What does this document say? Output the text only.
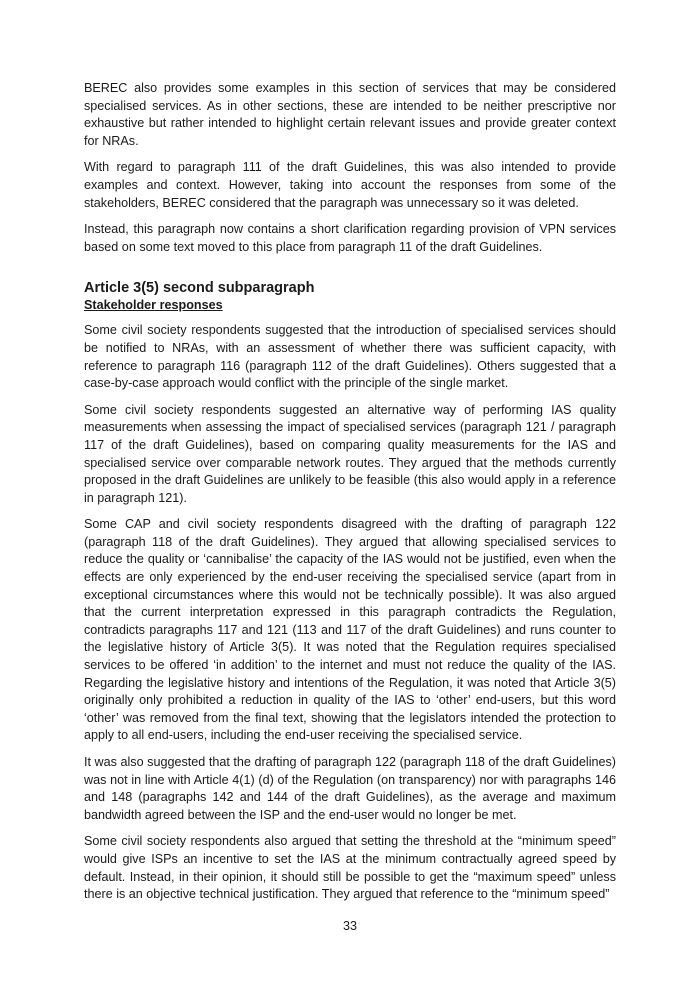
BEREC also provides some examples in this section of services that may be considered specialised services. As in other sections, these are intended to be neither prescriptive nor exhaustive but rather intended to highlight certain relevant issues and provide greater context for NRAs.

With regard to paragraph 111 of the draft Guidelines, this was also intended to provide examples and context. However, taking into account the responses from some of the stakeholders, BEREC considered that the paragraph was unnecessary so it was deleted.

Instead, this paragraph now contains a short clarification regarding provision of VPN services based on some text moved to this place from paragraph 11 of the draft Guidelines.

Article 3(5) second subparagraph
Stakeholder responses

Some civil society respondents suggested that the introduction of specialised services should be notified to NRAs, with an assessment of whether there was sufficient capacity, with reference to paragraph 116 (paragraph 112 of the draft Guidelines). Others suggested that a case-by-case approach would conflict with the principle of the single market.

Some civil society respondents suggested an alternative way of performing IAS quality measurements when assessing the impact of specialised services (paragraph 121 / paragraph 117 of the draft Guidelines), based on comparing quality measurements for the IAS and specialised service over comparable network routes. They argued that the methods currently proposed in the draft Guidelines are unlikely to be feasible (this also would apply in a reference in paragraph 121).

Some CAP and civil society respondents disagreed with the drafting of paragraph 122 (paragraph 118 of the draft Guidelines). They argued that allowing specialised services to reduce the quality or ‘cannibalise’ the capacity of the IAS would not be justified, even when the effects are only experienced by the end-user receiving the specialised service (apart from in exceptional circumstances where this would not be technically possible). It was also argued that the current interpretation expressed in this paragraph contradicts the Regulation, contradicts paragraphs 117 and 121 (113 and 117 of the draft Guidelines) and runs counter to the legislative history of Article 3(5). It was noted that the Regulation requires specialised services to be offered ‘in addition’ to the internet and must not reduce the quality of the IAS. Regarding the legislative history and intentions of the Regulation, it was noted that Article 3(5) originally only prohibited a reduction in quality of the IAS to ‘other’ end-users, but this word ‘other’ was removed from the final text, showing that the legislators intended the protection to apply to all end-users, including the end-user receiving the specialised service.

It was also suggested that the drafting of paragraph 122 (paragraph 118 of the draft Guidelines) was not in line with Article 4(1) (d) of the Regulation (on transparency) nor with paragraphs 146 and 148 (paragraphs 142 and 144 of the draft Guidelines), as the average and maximum bandwidth agreed between the ISP and the end-user would no longer be met.

Some civil society respondents also argued that setting the threshold at the “minimum speed” would give ISPs an incentive to set the IAS at the minimum contractually agreed speed by default. Instead, in their opinion, it should still be possible to get the “maximum speed” unless there is an objective technical justification. They argued that reference to the “minimum speed”

33
